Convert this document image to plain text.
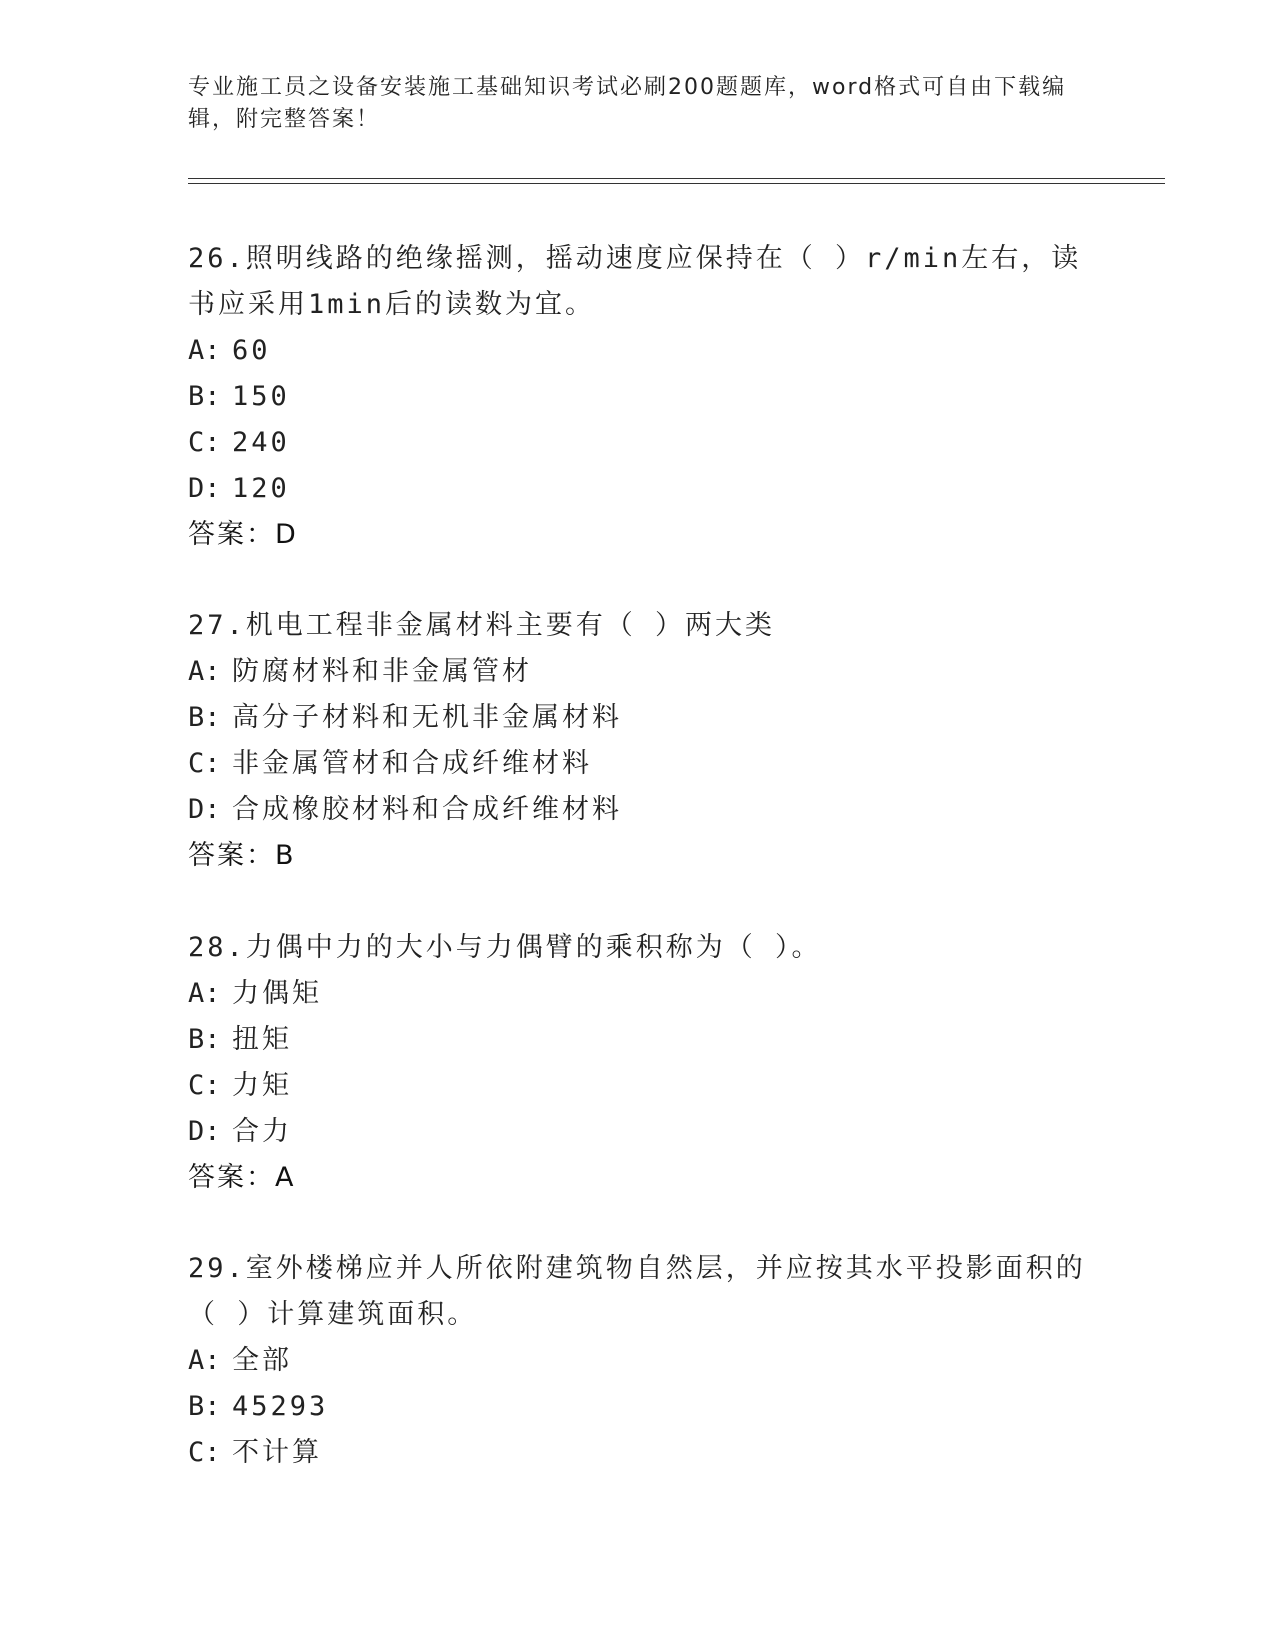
专业施工员之设备安装施工基础知识考试必刷200题题库，word格式可自由下载编辑，附完整答案！

26.照明线路的绝缘摇测，摇动速度应保持在（ ）r/min左右，读书应采用1min后的读数为宜。

A: 60
B: 150
C: 240
D: 120
答案：D

27.机电工程非金属材料主要有（ ）两大类

A: 防腐材料和非金属管材
B: 高分子材料和无机非金属材料
C: 非金属管材和合成纤维材料
D: 合成橡胶材料和合成纤维材料
答案：B

28.力偶中力的大小与力偶臂的乘积称为（ ）。

A: 力偶矩
B: 扭矩
C: 力矩
D: 合力
答案：A

29.室外楼梯应并人所依附建筑物自然层，并应按其水平投影面积的（ ）计算建筑面积。

A: 全部
B: 45293
C: 不计算
